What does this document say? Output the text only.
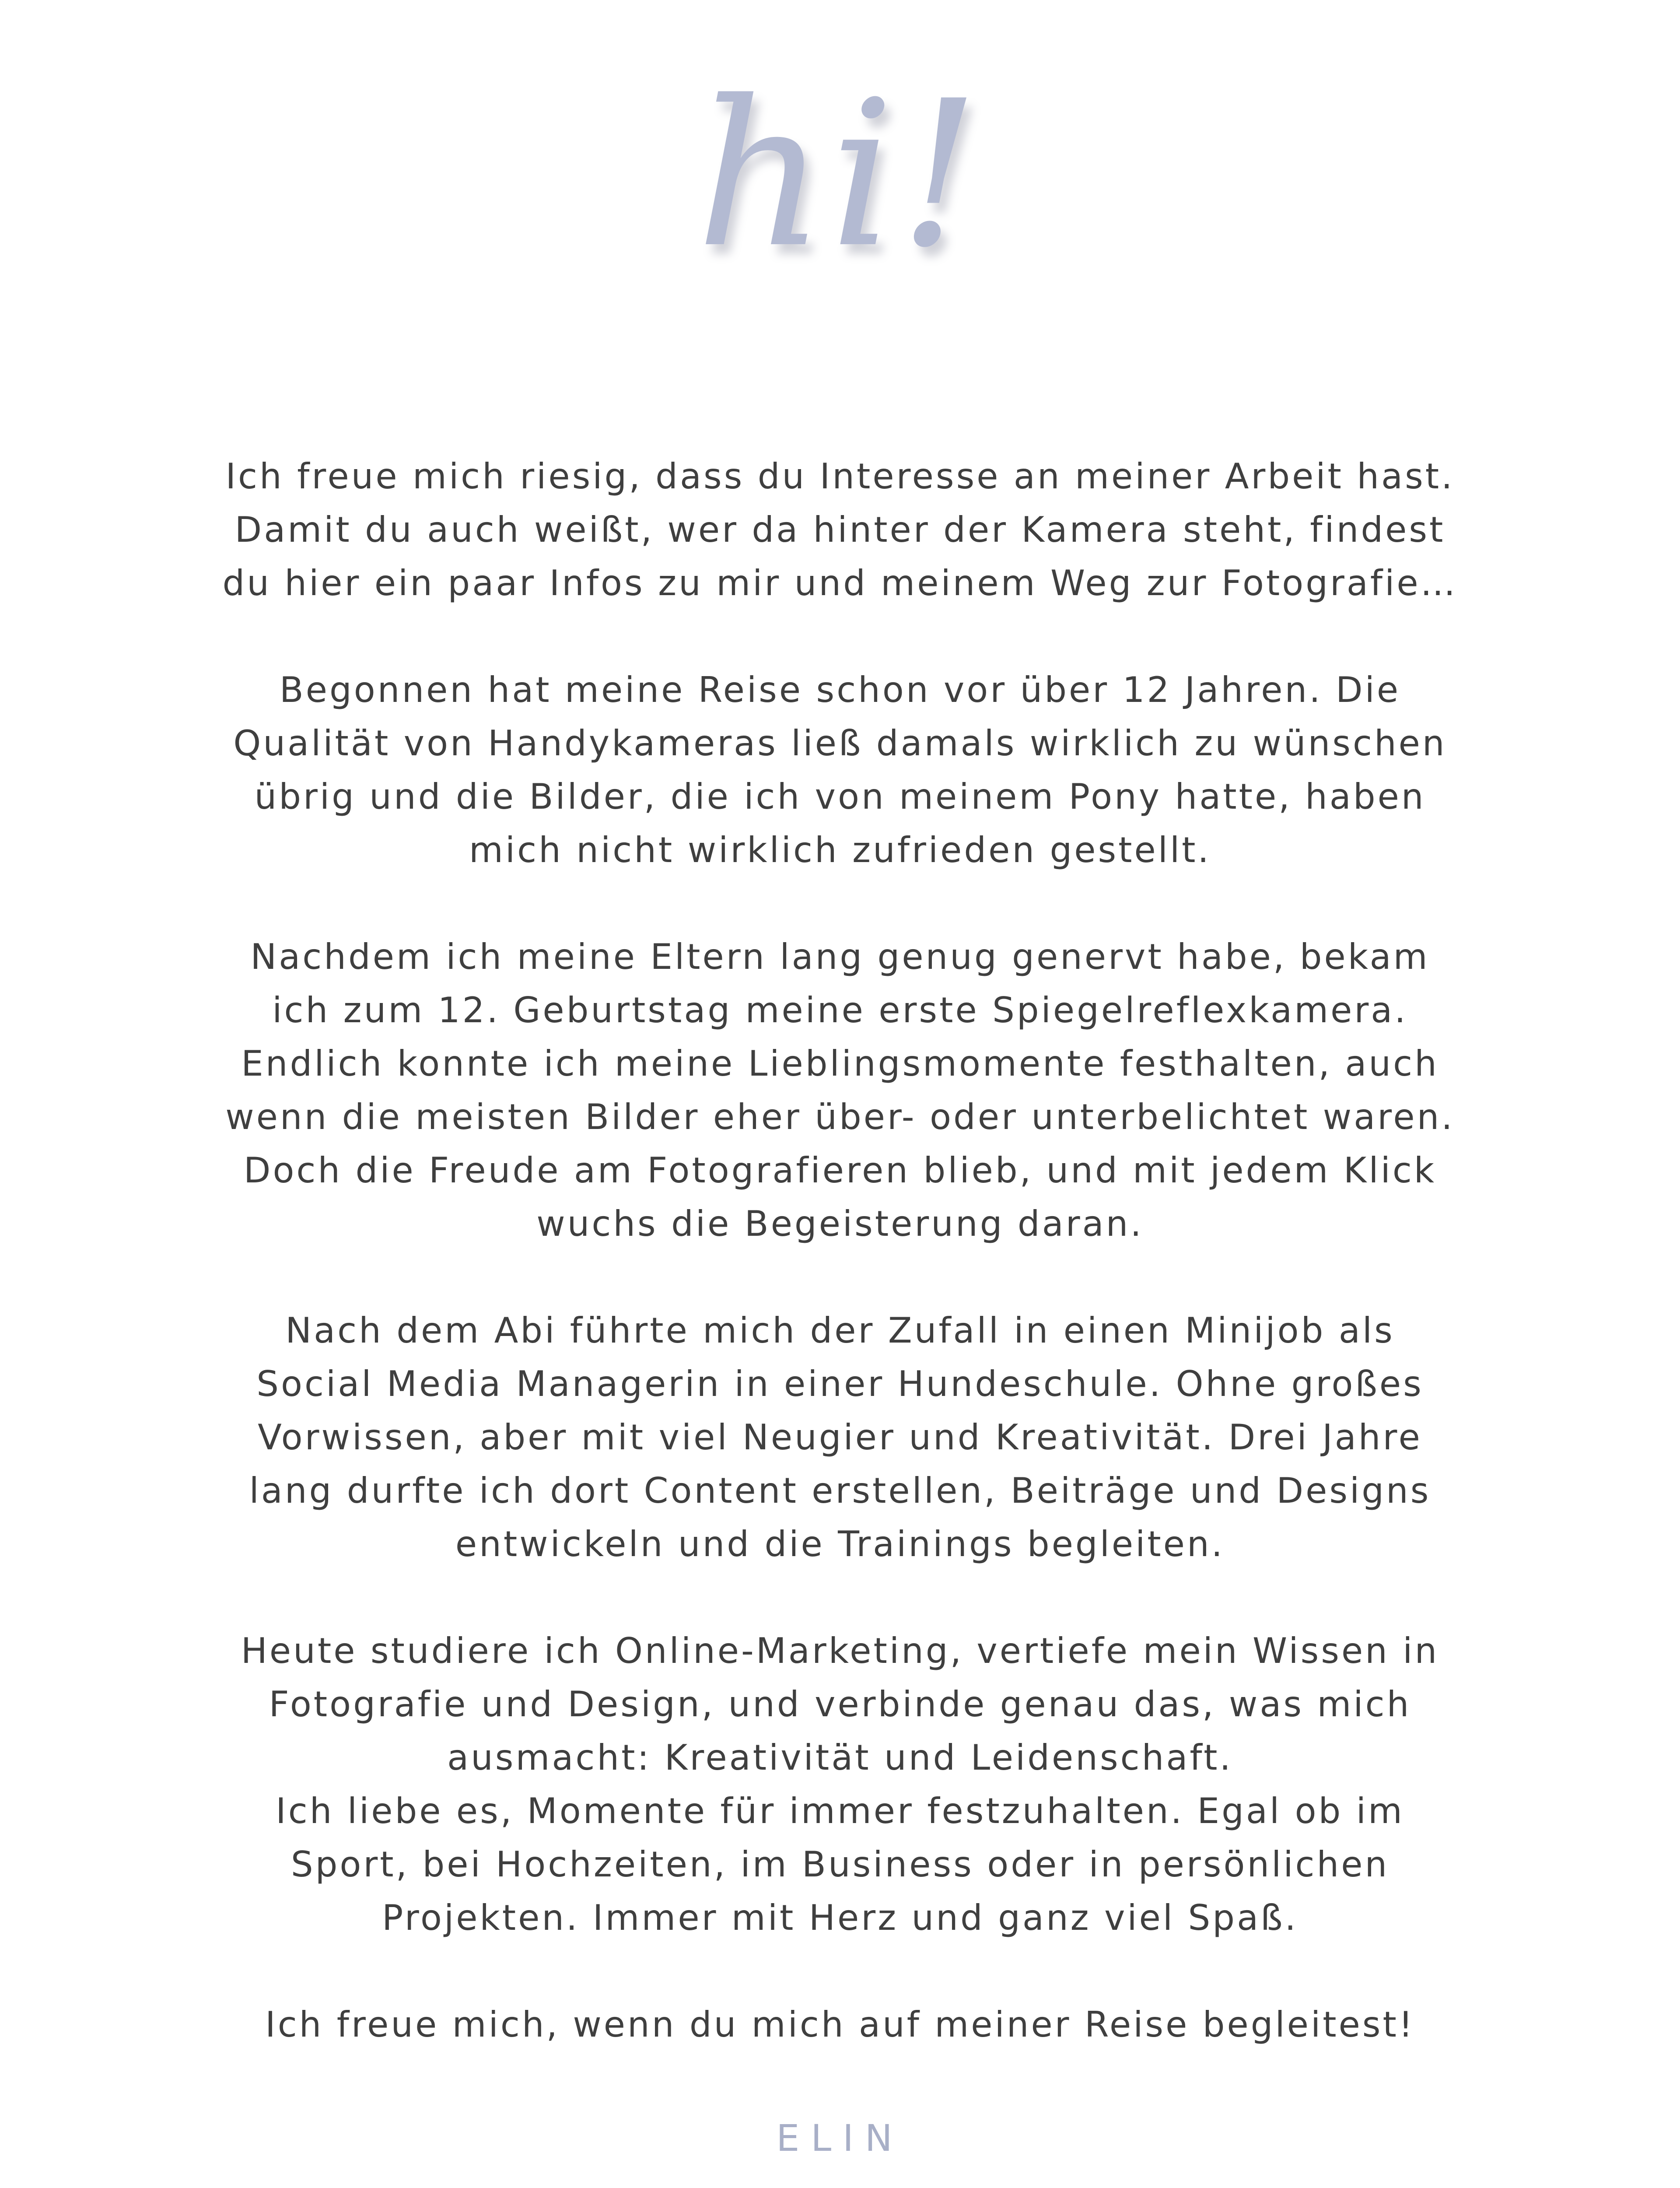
hi!
Ich freue mich riesig, dass du Interesse an meiner Arbeit hast.
Damit du auch weißt, wer da hinter der Kamera steht, findest
du hier ein paar Infos zu mir und meinem Weg zur Fotografie…
Begonnen hat meine Reise schon vor über 12 Jahren. Die
Qualität von Handykameras ließ damals wirklich zu wünschen
übrig und die Bilder, die ich von meinem Pony hatte, haben
mich nicht wirklich zufrieden gestellt.
Nachdem ich meine Eltern lang genug genervt habe, bekam
ich zum 12. Geburtstag meine erste Spiegelreflexkamera.
Endlich konnte ich meine Lieblingsmomente festhalten, auch
wenn die meisten Bilder eher über- oder unterbelichtet waren.
Doch die Freude am Fotografieren blieb, und mit jedem Klick
wuchs die Begeisterung daran.
Nach dem Abi führte mich der Zufall in einen Minijob als
Social Media Managerin in einer Hundeschule. Ohne großes
Vorwissen, aber mit viel Neugier und Kreativität. Drei Jahre
lang durfte ich dort Content erstellen, Beiträge und Designs
entwickeln und die Trainings begleiten.
Heute studiere ich Online-Marketing, vertiefe mein Wissen in
Fotografie und Design, und verbinde genau das, was mich
ausmacht: Kreativität und Leidenschaft.
Ich liebe es, Momente für immer festzuhalten. Egal ob im
Sport, bei Hochzeiten, im Business oder in persönlichen
Projekten. Immer mit Herz und ganz viel Spaß.
Ich freue mich, wenn du mich auf meiner Reise begleitest!
ELIN
